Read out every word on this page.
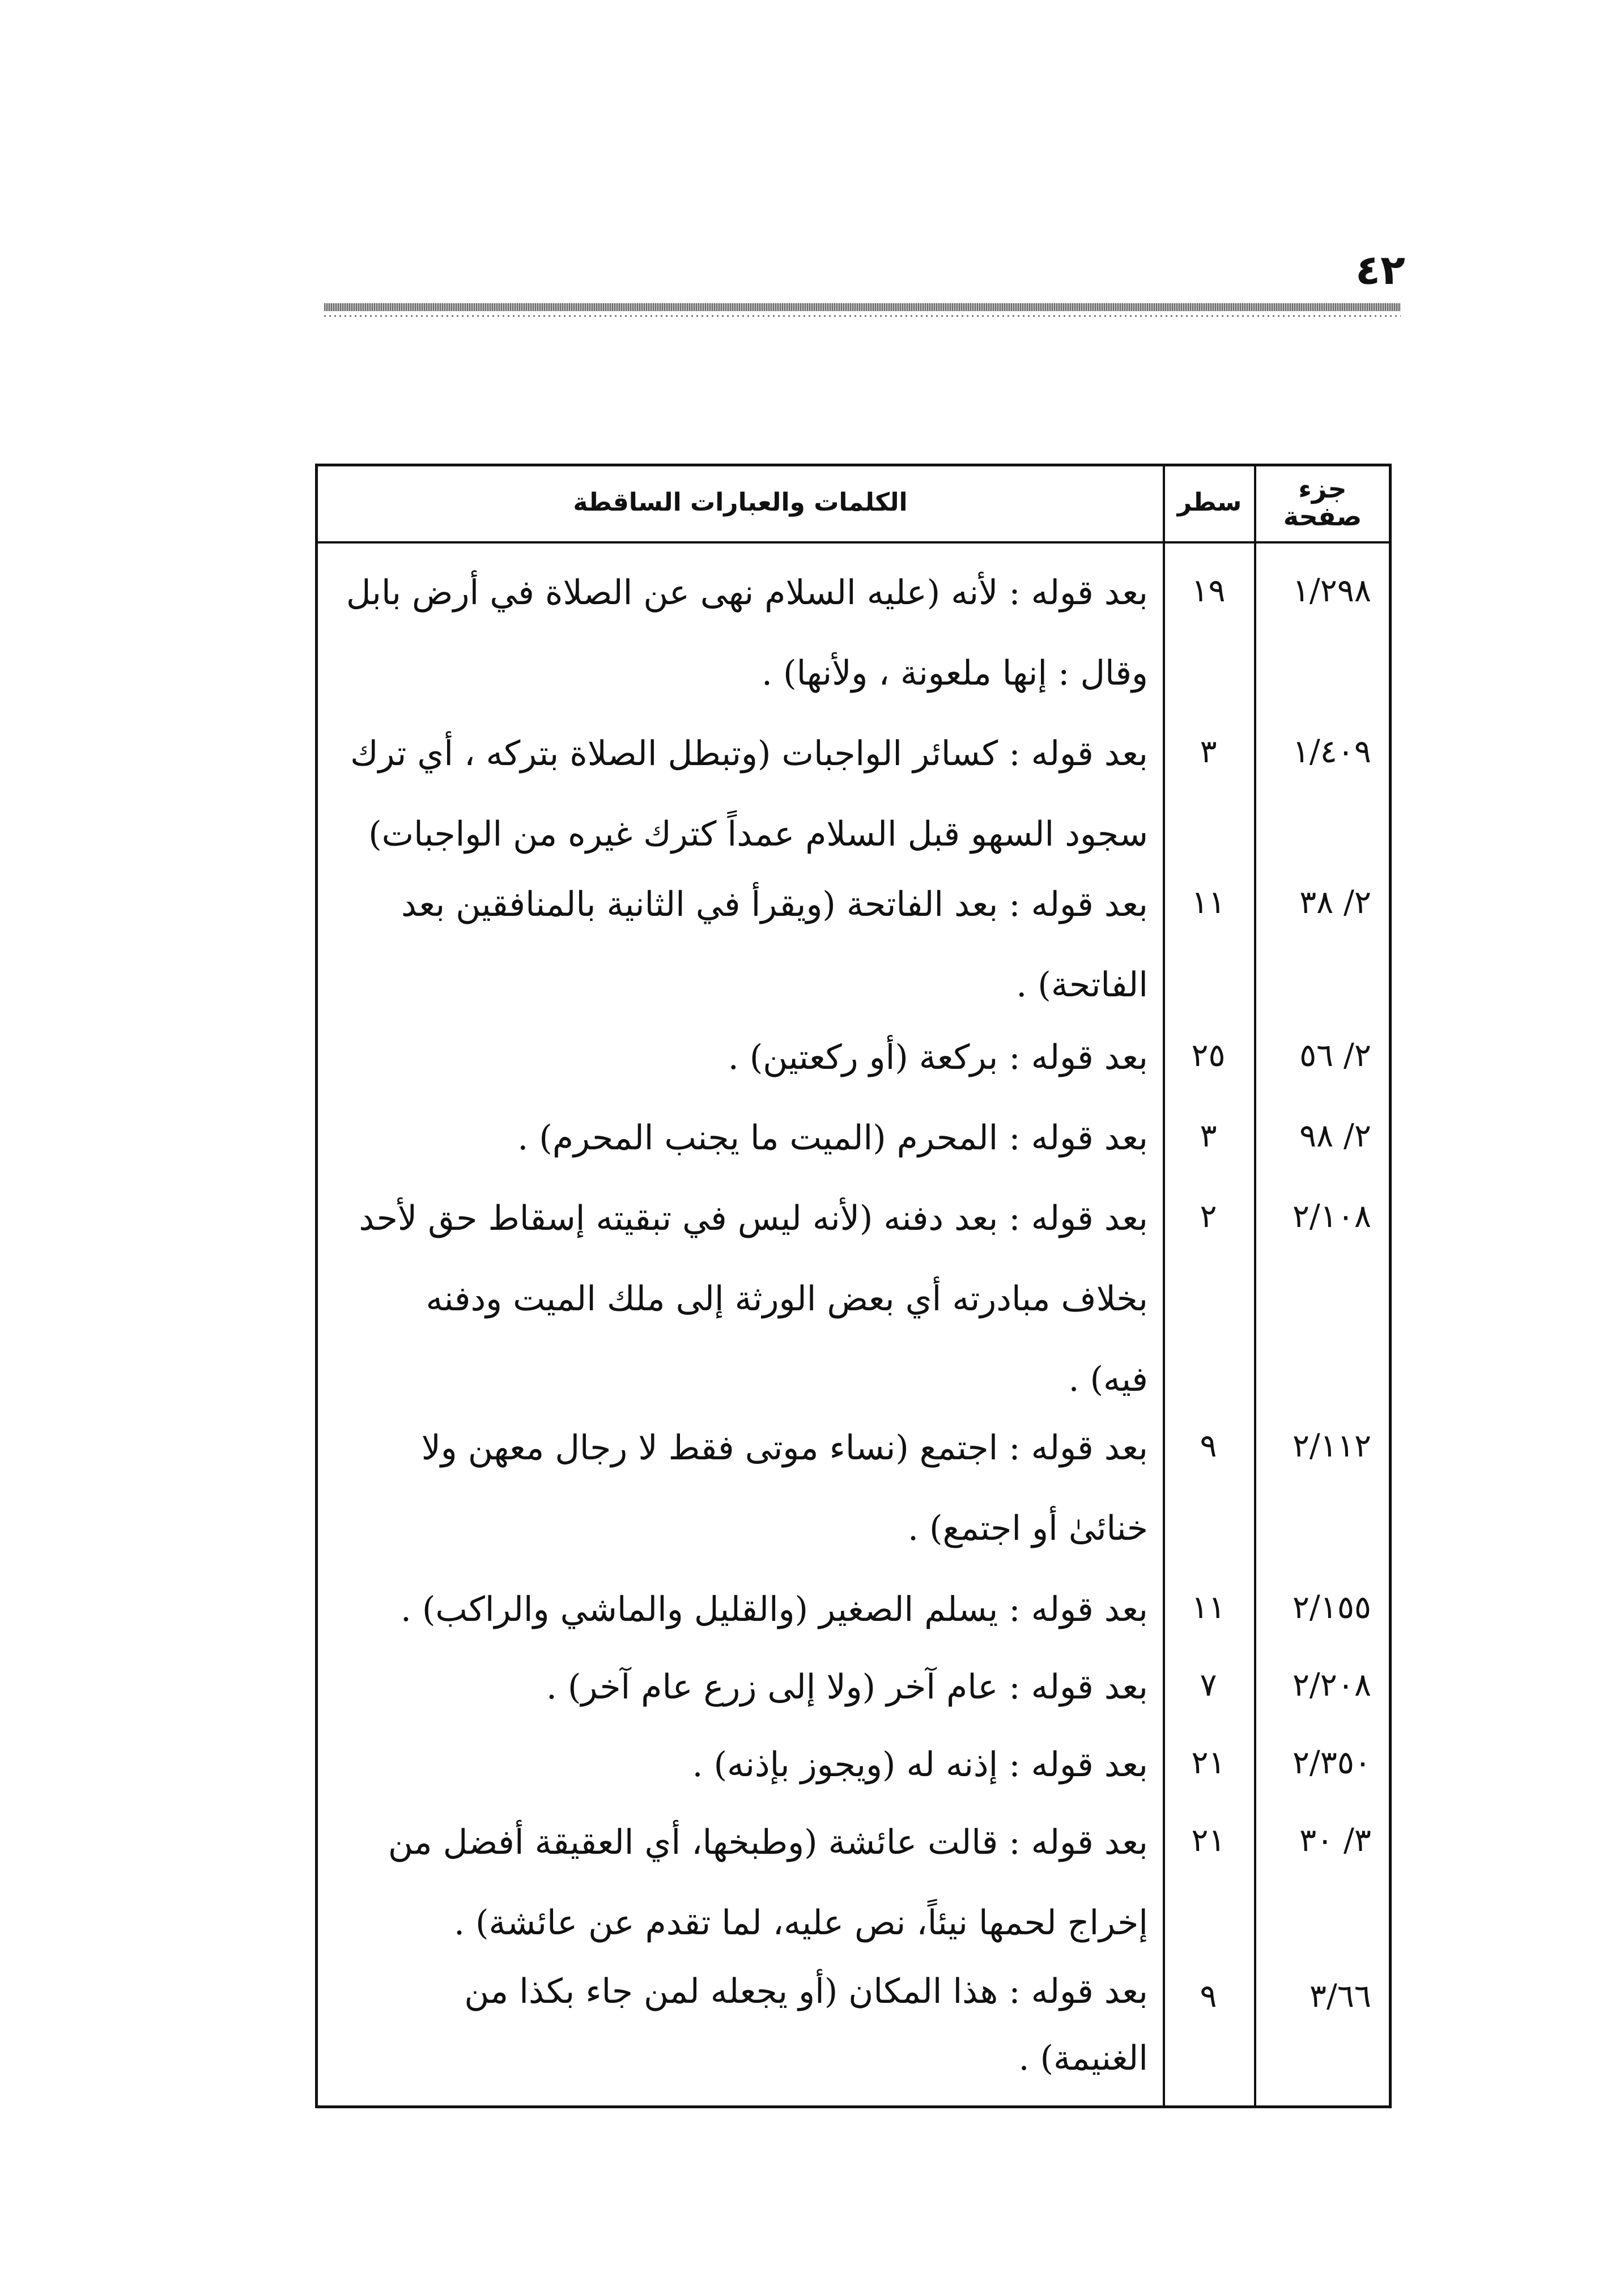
٤٢
جزء
صفحة
سطر
الكلمات والعبارات الساقطة
١/٢٩٨
١٩
بعد قوله : لأنه (عليه السلام نهى عن الصلاة في أرض بابل
وقال : إنها ملعونة ، ولأنها) .
١/٤٠٩
٣
بعد قوله : كسائر الواجبات (وتبطل الصلاة بتركه ، أي ترك
سجود السهو قبل السلام عمداً كترك غيره من الواجبات)
٢/ ٣٨
١١
بعد قوله : بعد الفاتحة (ويقرأ في الثانية بالمنافقين بعد
الفاتحة) .
٢/ ٥٦
٢٥
بعد قوله : بركعة (أو ركعتين) .
٢/ ٩٨
٣
بعد قوله : المحرم (الميت ما يجنب المحرم) .
٢/١٠٨
٢
بعد قوله : بعد دفنه (لأنه ليس في تبقيته إسقاط حق لأحد
بخلاف مبادرته أي بعض الورثة إلى ملك الميت ودفنه
فيه) .
٢/١١٢
٩
بعد قوله : اجتمع (نساء موتى فقط لا رجال معهن ولا
خنائیٰ أو اجتمع) .
٢/١٥٥
١١
بعد قوله : يسلم الصغير (والقليل والماشي والراكب) .
٢/٢٠٨
٧
بعد قوله : عام آخر (ولا إلى زرع عام آخر) .
٢/٣٥٠
٢١
بعد قوله : إذنه له (ويجوز بإذنه) .
٣/ ٣٠
٢١
بعد قوله : قالت عائشة (وطبخها، أي العقيقة أفضل من
إخراج لحمها نيئاً، نص عليه، لما تقدم عن عائشة) .
٣/٦٦
٩
بعد قوله : هذا المكان (أو يجعله لمن جاء بكذا من
الغنيمة) .
